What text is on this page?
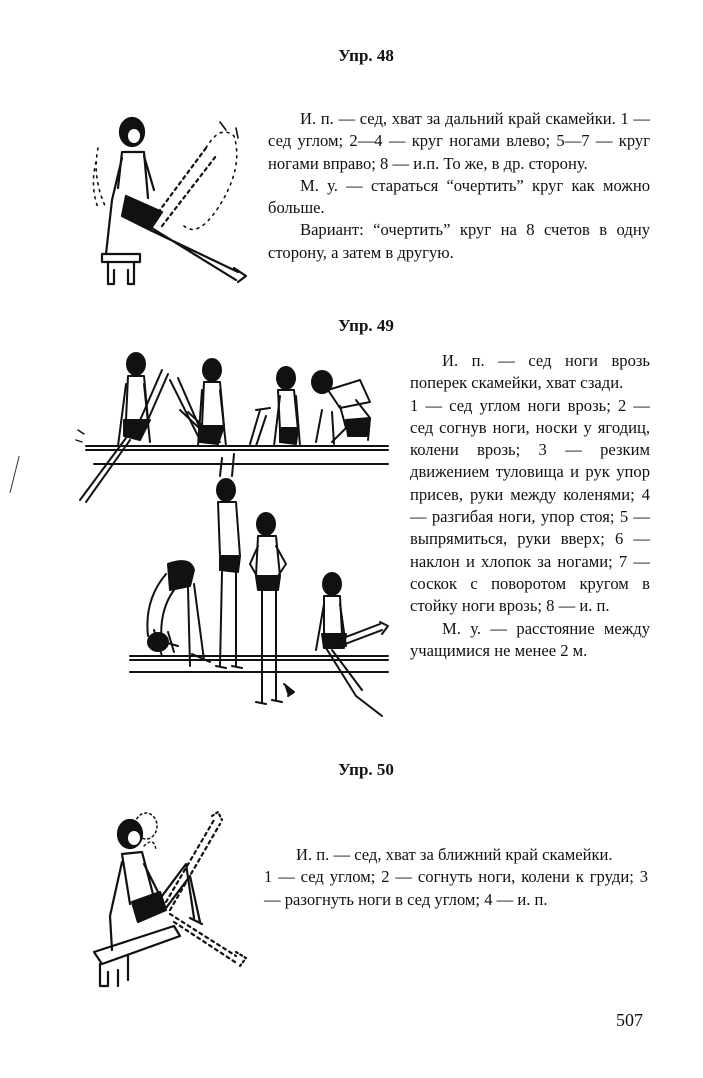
Упр. 48

И. п. — сед, хват за дальний край скамейки. 1 — сед углом; 2—4 — круг ногами влево; 5—7 — круг ногами вправо; 8 — и.п. То же, в др. сторону.

М. у. — стараться “очертить” круг как можно больше.

Вариант: “очертить” круг на 8 счетов в одну сторону, а затем в другую.

Упр. 49

И. п. — сед ноги врозь поперек скамейки, хват сзади.

1 — сед углом ноги врозь; 2 — сед согнув ноги, носки у ягодиц, колени врозь; 3 — резким движением туловища и рук упор присев, руки между коленями; 4 — разгибая ноги, упор стоя; 5 — выпрямиться, руки вверх; 6 — наклон и хлопок за ногами; 7 — соскок с поворотом кругом в стойку ноги врозь; 8 — и. п.

М. у. — расстояние между учащимися не менее 2 м.

Упр. 50

И. п. — сед, хват за ближний край скамейки.

1 — сед углом; 2 — согнуть ноги, колени к груди; 3 — разогнуть ноги в сед углом; 4 — и. п.

507
